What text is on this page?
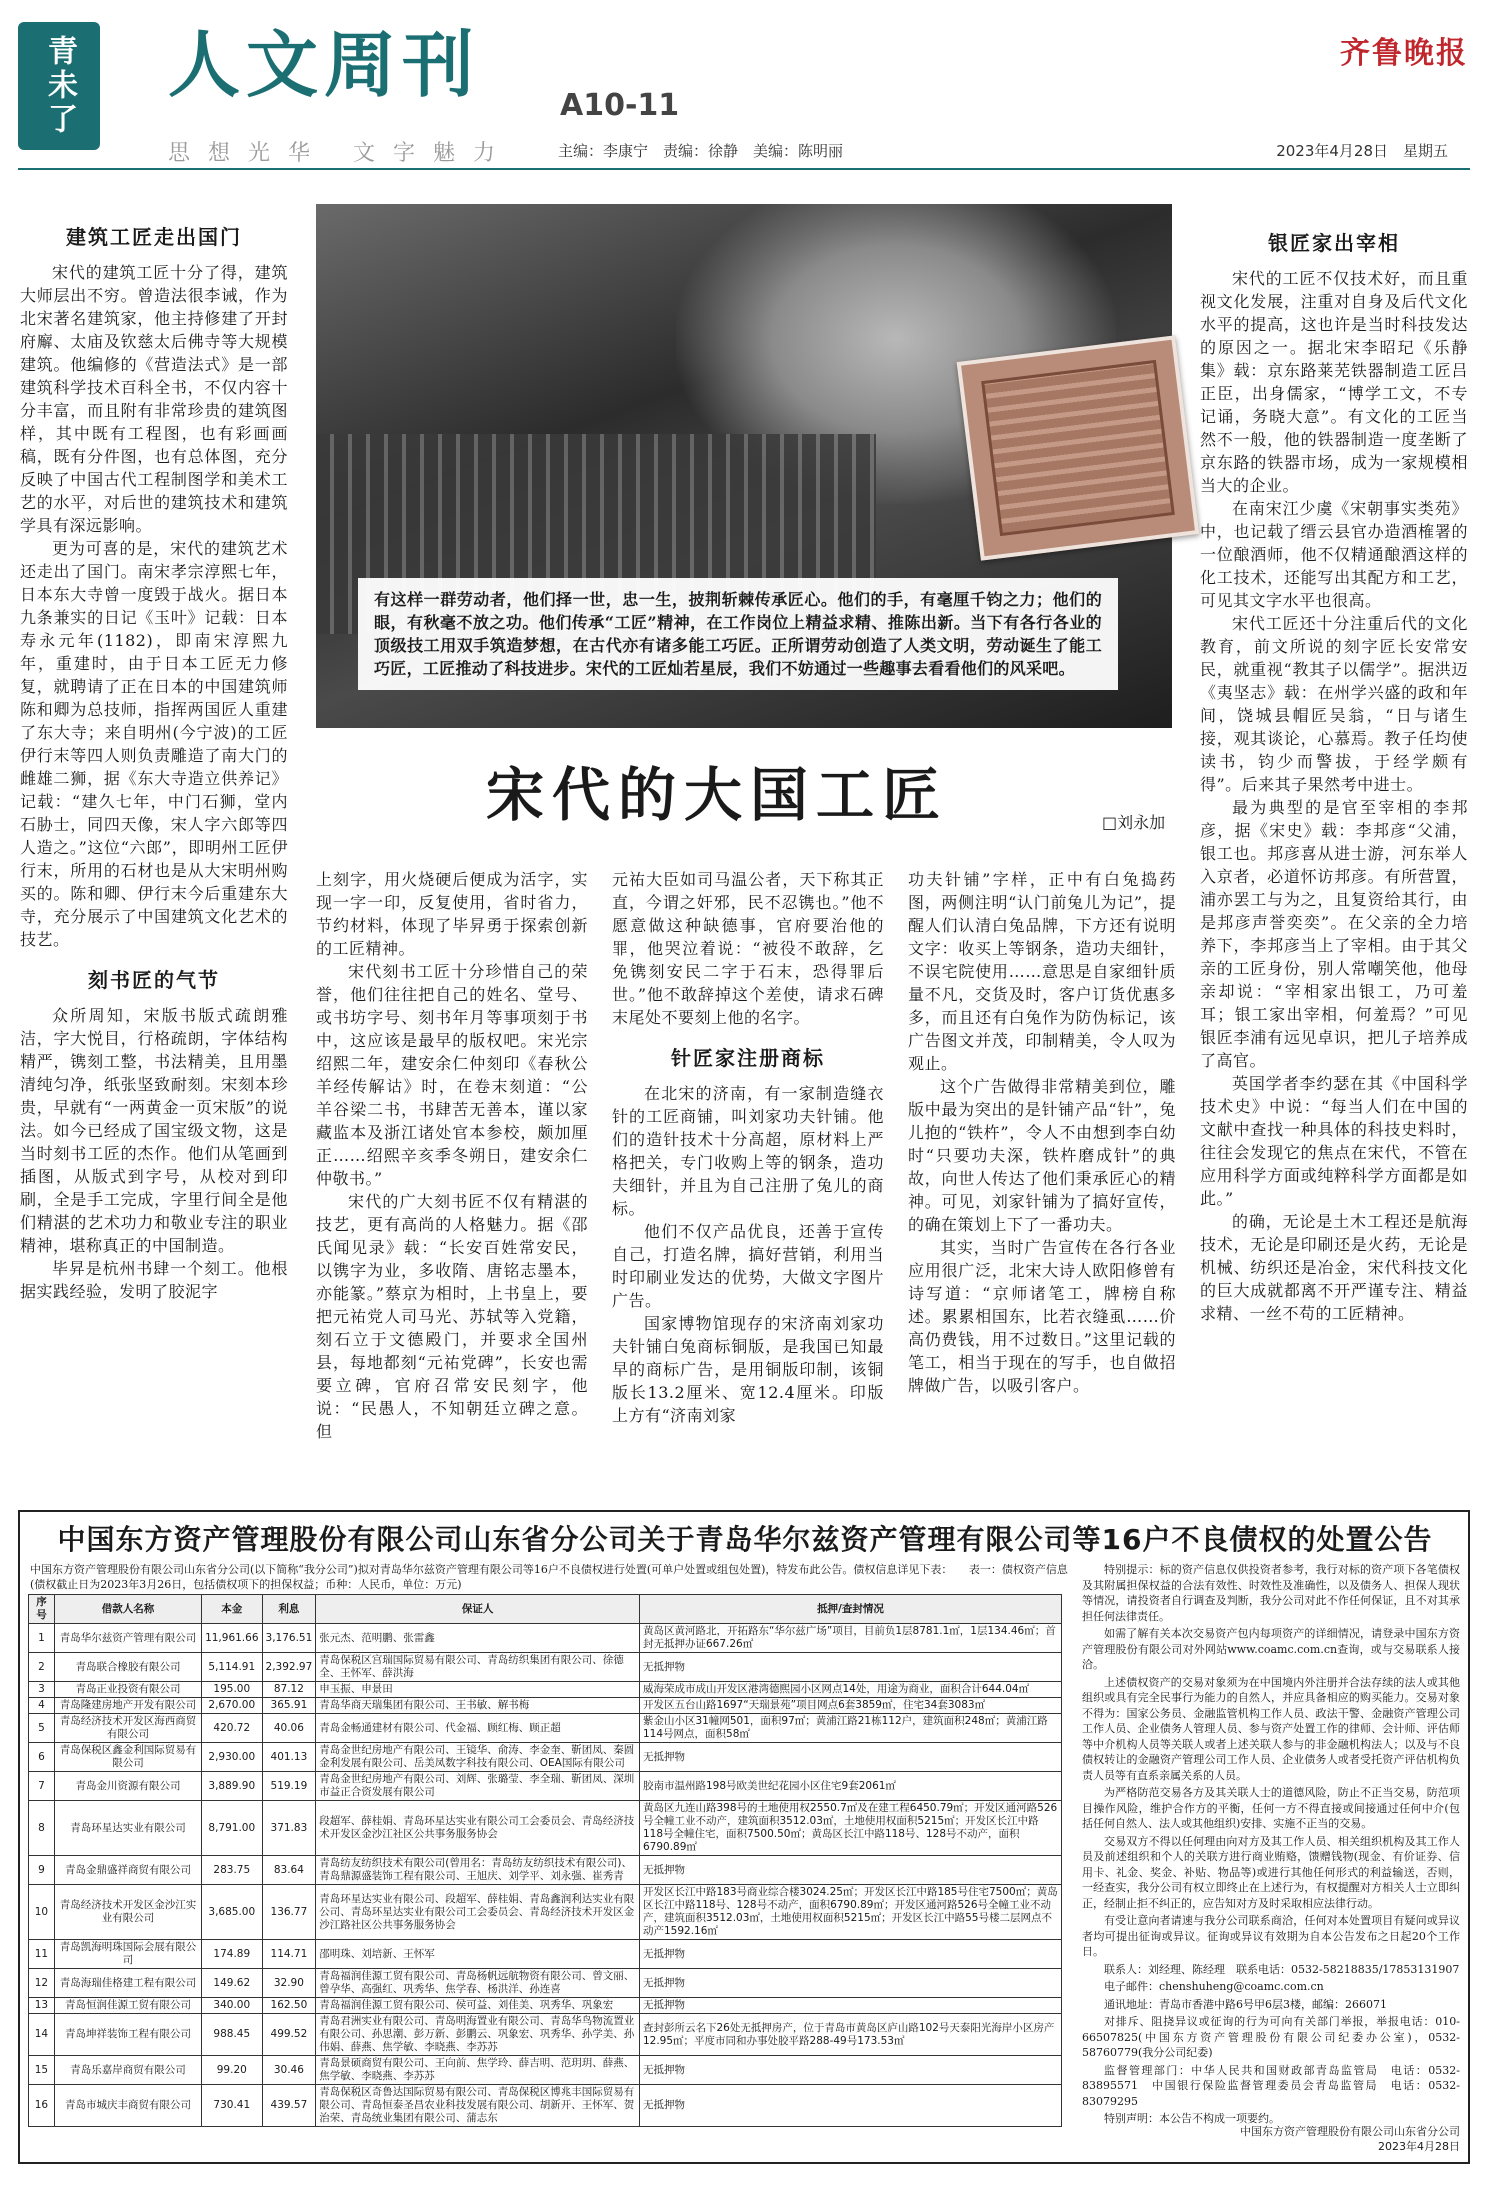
青未了	人文周刊	A10-11
思想光华 文字魅力
齐鲁晚报
主编：李康宁　责编：徐静　美编：陈明丽	2023年4月28日　星期五
有这样一群劳动者，他们择一世，忠一生，披荆斩棘传承匠心。他们的手，有毫厘千钧之力；他们的眼，有秋毫不放之功。他们传承“工匠”精神，在工作岗位上精益求精、推陈出新。当下有各行各业的顶级技工用双手筑造梦想，在古代亦有诸多能工巧匠。正所谓劳动创造了人类文明，劳动诞生了能工巧匠，工匠推动了科技进步。宋代的工匠灿若星辰，我们不妨通过一些趣事去看看他们的风采吧。
宋代的大国工匠	□刘永加
建筑工匠走出国门

宋代的建筑工匠十分了得，建筑大师层出不穷。曾造法很李诫，作为北宋著名建筑家，他主持修建了开封府廨、太庙及钦慈太后佛寺等大规模建筑。他编修的《营造法式》是一部建筑科学技术百科全书，不仅内容十分丰富，而且附有非常珍贵的建筑图样，其中既有工程图，也有彩画画稿，既有分件图，也有总体图，充分反映了中国古代工程制图学和美术工艺的水平，对后世的建筑技术和建筑学具有深远影响。

更为可喜的是，宋代的建筑艺术还走出了国门。南宋孝宗淳熙七年，日本东大寺曾一度毁于战火。据日本九条兼实的日记《玉叶》记载：日本寿永元年(1182)，即南宋淳熙九年，重建时，由于日本工匠无力修复，就聘请了正在日本的中国建筑师陈和卿为总技师，指挥两国匠人重建了东大寺；来自明州(今宁波)的工匠伊行末等四人则负责雕造了南大门的雌雄二狮，据《东大寺造立供养记》记载：“建久七年，中门石狮，堂内石胁士，同四天像，宋人字六郎等四人造之。”这位“六郎”，即明州工匠伊行末，所用的石材也是从大宋明州购买的。陈和卿、伊行末今后重建东大寺，充分展示了中国建筑文化艺术的技艺。

刻书匠的气节

众所周知，宋版书版式疏朗雅洁，字大悦目，行格疏朗，字体结构精严，镌刻工整，书法精美，且用墨清纯匀净，纸张坚致耐刻。宋刻本珍贵，早就有“一两黄金一页宋版”的说法。如今已经成了国宝级文物，这是当时刻书工匠的杰作。他们从笔画到插图，从版式到字号，从校对到印刷，全是手工完成，字里行间全是他们精湛的艺术功力和敬业专注的职业精神，堪称真正的中国制造。

毕昇是杭州书肆一个刻工。他根据实践经验，发明了胶泥字

上刻字，用火烧硬后便成为活字，实现一字一印，反复使用，省时省力，节约材料，体现了毕昇勇于探索创新的工匠精神。

宋代刻书工匠十分珍惜自己的荣誉，他们往往把自己的姓名、堂号、或书坊字号、刻书年月等事项刻于书中，这应该是最早的版权吧。宋光宗绍熙二年，建安余仁仲刻印《春秋公羊经传解诂》时，在卷末刻道：“公羊谷梁二书，书肆苦无善本，谨以家藏监本及浙江诸处官本参校，颇加厘正……绍熙辛亥季冬朔日，建安余仁仲敬书。”

宋代的广大刻书匠不仅有精湛的技艺，更有高尚的人格魅力。据《邵氏闻见录》载：“长安百姓常安民，以镌字为业，多收隋、唐铭志墨本，亦能篆。”蔡京为相时，上书皇上，要把元祐党人司马光、苏轼等入党籍，刻石立于文德殿门，并要求全国州县，每地都刻“元祐党碑”，长安也需要立碑，官府召常安民刻字，他说：“民愚人，不知朝廷立碑之意。但

元祐大臣如司马温公者，天下称其正直，今谓之奸邪，民不忍镌也。”他不愿意做这种缺德事，官府要治他的罪，他哭泣着说：“被役不敢辞，乞免镌刻安民二字于石末，恐得罪后世。”他不敢辞掉这个差使，请求石碑末尾处不要刻上他的名字。

针匠家注册商标

在北宋的济南，有一家制造缝衣针的工匠商铺，叫刘家功夫针铺。他们的造针技术十分高超，原材料上严格把关，专门收购上等的钢条，造功夫细针，并且为自己注册了兔儿的商标。

他们不仅产品优良，还善于宣传自己，打造名牌，搞好营销，利用当时印刷业发达的优势，大做文字图片广告。

国家博物馆现存的宋济南刘家功夫针铺白兔商标铜版，是我国已知最早的商标广告，是用铜版印制，该铜版长13.2厘米、宽12.4厘米。印版上方有“济南刘家

功夫针铺”字样，正中有白兔捣药图，两侧注明“认门前兔儿为记”，提醒人们认清白兔品牌，下方还有说明文字：收买上等钢条，造功夫细针，不误宅院使用……意思是自家细针质量不凡，交货及时，客户订货优惠多多，而且还有白兔作为防伪标记，该广告图文并茂，印制精美，令人叹为观止。

这个广告做得非常精美到位，雕版中最为突出的是针铺产品“针”，兔儿抱的“铁杵”，令人不由想到李白幼时“只要功夫深，铁杵磨成针”的典故，向世人传达了他们秉承匠心的精神。可见，刘家针铺为了搞好宣传，的确在策划上下了一番功夫。

其实，当时广告宣传在各行各业应用很广泛，北宋大诗人欧阳修曾有诗写道：“京师诸笔工，牌榜自称述。累累相国东，比若衣缝虱……价高仍费钱，用不过数日。”这里记载的笔工，相当于现在的写手，也自做招牌做广告，以吸引客户。

银匠家出宰相

宋代的工匠不仅技术好，而且重视文化发展，注重对自身及后代文化水平的提高，这也许是当时科技发达的原因之一。据北宋李昭玘《乐静集》载：京东路莱芜铁器制造工匠吕正臣，出身儒家，“博学工文，不专记诵，务晓大意”。有文化的工匠当然不一般，他的铁器制造一度垄断了京东路的铁器市场，成为一家规模相当大的企业。

在南宋江少虞《宋朝事实类苑》中，也记载了缙云县官办造酒榷署的一位酿酒师，他不仅精通酿酒这样的化工技术，还能写出其配方和工艺，可见其文字水平也很高。

宋代工匠还十分注重后代的文化教育，前文所说的刻字匠长安常安民，就重视“教其子以儒学”。据洪迈《夷坚志》载：在州学兴盛的政和年间，饶城县帽匠吴翁，“日与诸生接，观其谈论，心慕焉。教子任均使读书，钧少而警拔，于经学颇有得”。后来其子果然考中进士。

最为典型的是官至宰相的李邦彦，据《宋史》载：李邦彦“父浦，银工也。邦彦喜从进士游，河东举人入京者，必道怀访邦彦。有所营置，浦亦罢工与为之，且复资给其行，由是邦彦声誉奕奕”。在父亲的全力培养下，李邦彦当上了宰相。由于其父亲的工匠身份，别人常嘲笑他，他母亲却说：“宰相家出银工，乃可羞耳；银工家出宰相，何羞焉？”可见银匠李浦有远见卓识，把儿子培养成了高官。

英国学者李约瑟在其《中国科学技术史》中说：“每当人们在中国的文献中查找一种具体的科技史料时，往往会发现它的焦点在宋代，不管在应用科学方面或纯粹科学方面都是如此。”

的确，无论是土木工程还是航海技术，无论是印刷还是火药，无论是机械、纺织还是冶金，宋代科技文化的巨大成就都离不开严谨专注、精益求精、一丝不苟的工匠精神。

中国东方资产管理股份有限公司山东省分公司关于青岛华尔兹资产管理有限公司等16户不良债权的处置公告
中国东方资产管理股份有限公司山东省分公司(以下简称“我分公司”)拟对青岛华尔兹资产管理有限公司等16户不良债权进行处置(可单户处置或组包处置)，特发布此公告。债权信息详见下表：　　表一：债权资产信息(债权截止日为2023年3月26日，包括债权项下的担保权益；币种：人民币，单位：万元)
序号	借款人名称	本金	利息	保证人	抵押/查封情况
1	青岛华尔兹资产管理有限公司	11,961.66	3,176.51	张元杰、范明鹏、张雷鑫	黄岛区黄河路北，开拓路东“华尔兹广场”项目，目前负1层8781.1㎡，1层134.46㎡；首封无抵押办证667.26㎡
2	青岛联合橡胶有限公司	5,114.91	2,392.97	青岛保税区宫瑞国际贸易有限公司、青岛纺织集团有限公司、徐德全、王怀军、薛洪海	无抵押物
3	青岛正业投资有限公司	195.00	87.12	申玉振、申景田	威海荣成市成山开发区港湾德熙园小区网点14处，用途为商业，面积合计644.04㎡
4	青岛隆建房地产开发有限公司	2,670.00	365.91	青岛华商天瑞集团有限公司、王书敏、解书梅	开发区五台山路1697“天瑞景苑”项目网点6套3859㎡，住宅34套3083㎡
5	青岛经济技术开发区海西商贸有限公司	420.72	40.06	青岛金畅通建材有限公司、代金福、顾红梅、顾正超	紫金山小区31幢网501，面积97㎡；黄浦江路21栋112户，建筑面积248㎡；黄浦江路114号网点，面积58㎡
6	青岛保税区鑫金利国际贸易有限公司	2,930.00	401.13	青岛金世纪房地产有限公司、王镜华、俞涛、李金奎、靳团凤、秦圆金利发展有限公司、岳美凤数字科技有限公司、OEA国际有限公司	无抵押物
7	青岛金川资源有限公司	3,889.90	519.19	青岛金世纪房地产有限公司、刘辉、张璐莹、李全瑞、靳团凤、深圳市益正合资发展有限公司	胶南市温州路198号欧美世纪花园小区住宅9套2061㎡
8	青岛环星达实业有限公司	8,791.00	371.83	段超军、薛桂娟、青岛环星达实业有限公司工会委员会、青岛经济技术开发区金沙江社区公共事务服务协会	黄岛区九连山路398号的土地使用权2550.7㎡及在建工程6450.79㎡；开发区通河路526号全幢工业不动产，建筑面积3512.03㎡，土地使用权面积5215㎡；开发区长江中路118号全幢住宅，面积7500.50㎡；黄岛区长江中路118号、128号不动产，面积6790.89㎡
9	青岛金鼎盛祥商贸有限公司	283.75	83.64	青岛纺友纺织技术有限公司(曾用名：青岛纺友纺织技术有限公司)、青岛鼎源盛装饰工程有限公司、王旭庆、刘学平、刘永强、崔秀青	无抵押物
10	青岛经济技术开发区金沙江实业有限公司	3,685.00	136.77	青岛环星达实业有限公司、段超军、薛桂娟、青岛鑫润利达实业有限公司、青岛环星达实业有限公司工会委员会、青岛经济技术开发区金沙江路社区公共事务服务协会	开发区长江中路183号商业综合楼3024.25㎡；开发区长江中路185号住宅7500㎡；黄岛区长江中路118号、128号不动产，面积6790.89㎡；开发区通河路526号全幢工业不动产，建筑面积3512.03㎡，土地使用权面积5215㎡；开发区长江中路55号楼二层网点不动产1592.16㎡
11	青岛凯海明珠国际会展有限公司	174.89	114.71	邵明珠、刘培新、王怀军	无抵押物
12	青岛海瑞佳格建工程有限公司	149.62	32.90	青岛福润佳源工贸有限公司、青岛杨帆远航物资有限公司、曾文丽、曾孕华、高强红、巩秀华、焦学春、杨洪洋、孙连喜	无抵押物
13	青岛恒润佳源工贸有限公司	340.00	162.50	青岛福润佳源工贸有限公司、侯可益、刘佳美、巩秀华、巩象宏	无抵押物
14	青岛坤祥装饰工程有限公司	988.45	499.52	青岛君洲实业有限公司、青岛明海置业有限公司、青岛华鸟物流置业有限公司、孙思潮、彭万新、彭鹏云、巩象宏、巩秀华、孙学美、孙伟娟、薛燕、焦学敏、李晓燕、李苏苏	查封彭所云名下26处无抵押房产，位于青岛市黄岛区庐山路102号天泰阳光海岸小区房产12.95㎡；平度市同和办事处胶平路288-49号173.53㎡
15	青岛乐嘉岸商贸有限公司	99.20	30.46	青岛景硕商贸有限公司、王向前、焦学玲、薛吉明、范玥玥、薛燕、焦学敏、李晓燕、李苏苏	无抵押物
16	青岛市城庆丰商贸有限公司	730.41	439.57	青岛保税区奇鲁达国际贸易有限公司、青岛保税区博兆丰国际贸易有限公司、青岛恒泰圣昌农业科技发展有限公司、胡新开、王怀军、贺治荣、青岛统业集团有限公司、蒲志东	无抵押物

特别提示：标的资产信息仅供投资者参考，我行对标的资产项下各笔债权及其附属担保权益的合法有效性、时效性及准确性，以及债务人、担保人现状等情况，请投资者自行调查及判断，我分公司对此不作任何保证，且不对其承担任何法律责任。

如需了解有关本次交易资产包内每项资产的详细情况，请登录中国东方资产管理股份有限公司对外网站www.coamc.com.cn查询，或与交易联系人接洽。

上述债权资产的交易对象须为在中国境内外注册并合法存续的法人或其他组织或具有完全民事行为能力的自然人，并应具备相应的购买能力。交易对象不得为：国家公务员、金融监管机构工作人员、政法干警、金融资产管理公司工作人员、企业债务人管理人员、参与资产处置工作的律师、会计师、评估师等中介机构人员等关联人或者上述关联人参与的非金融机构法人；以及与不良债权转让的金融资产管理公司工作人员、企业债务人或者受托资产评估机构负责人员等有直系亲属关系的人员。

为严格防范交易各方及其关联人士的道德风险，防止不正当交易，防范项目操作风险，维护合作方的平衡，任何一方不得直接或间接通过任何中介(包括任何自然人、法人或其他组织)安排、实施不正当的交易。

交易双方不得以任何理由向对方及其工作人员、相关组织机构及其工作人员及前述组织和个人的关联方进行商业贿赂，馈赠钱物(现金、有价证券、信用卡、礼金、奖金、补贴、物品等)或进行其他任何形式的利益输送，否则，一经查实，我分公司有权立即终止在上述行为，有权提醒对方相关人士立即纠正，经制止拒不纠正的，应告知对方及时采取相应法律行动。

有受让意向者请速与我分公司联系商洽，任何对本处置项目有疑问或异议者均可提出征询或异议。征询或异议有效期为自本公告发布之日起20个工作日。

联系人：刘经理、陈经理　联系电话：0532-58218835/17853131907

电子邮件：chenshuheng@coamc.com.cn

通讯地址：青岛市香港中路6号甲6层3楼，邮编：266071

对排斥、阻挠异议或征询的行为可向有关部门举报，举报电话：010-66507825(中国东方资产管理股份有限公司纪委办公室)，0532-58760779(我分公司纪委)

监督管理部门：中华人民共和国财政部青岛监管局　电话：0532-83895571　中国银行保险监督管理委员会青岛监管局　电话：0532-83079295

特别声明：本公告不构成一项要约。

中国东方资产管理股份有限公司山东省分公司
2023年4月28日
